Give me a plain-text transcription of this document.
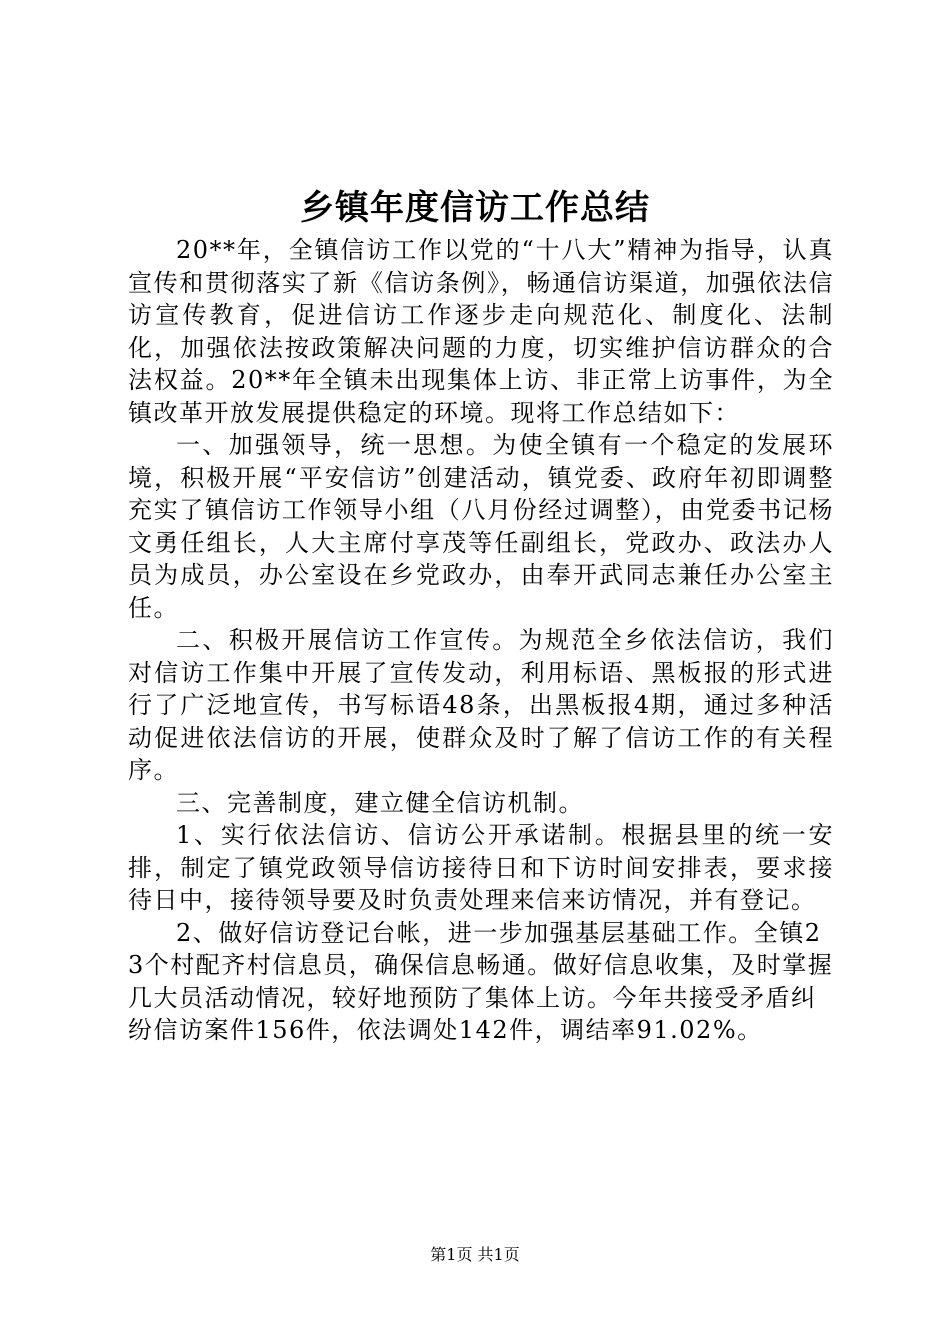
乡镇年度信访工作总结

20**年，全镇信访工作以党的“十八大”精神为指导，认真宣传和贯彻落实了新《信访条例》，畅通信访渠道，加强依法信访宣传教育，促进信访工作逐步走向规范化、制度化、法制化，加强依法按政策解决问题的力度，切实维护信访群众的合法权益。20**年全镇未出现集体上访、非正常上访事件，为全镇改革开放发展提供稳定的环境。现将工作总结如下：

一、加强领导，统一思想。为使全镇有一个稳定的发展环境，积极开展“平安信访”创建活动，镇党委、政府年初即调整充实了镇信访工作领导小组（八月份经过调整），由党委书记杨文勇任组长，人大主席付享茂等任副组长，党政办、政法办人员为成员，办公室设在乡党政办，由奉开武同志兼任办公室主任。

二、积极开展信访工作宣传。为规范全乡依法信访，我们对信访工作集中开展了宣传发动，利用标语、黑板报的形式进行了广泛地宣传，书写标语48条，出黑板报4期，通过多种活动促进依法信访的开展，使群众及时了解了信访工作的有关程序。

三、完善制度，建立健全信访机制。

1、实行依法信访、信访公开承诺制。根据县里的统一安排，制定了镇党政领导信访接待日和下访时间安排表，要求接待日中，接待领导要及时负责处理来信来访情况，并有登记。

2、做好信访登记台帐，进一步加强基层基础工作。全镇23个村配齐村信息员，确保信息畅通。做好信息收集，及时掌握几大员活动情况，较好地预防了集体上访。今年共接受矛盾纠纷信访案件156件，依法调处142件，调结率91.02%。

第1页 共1页
